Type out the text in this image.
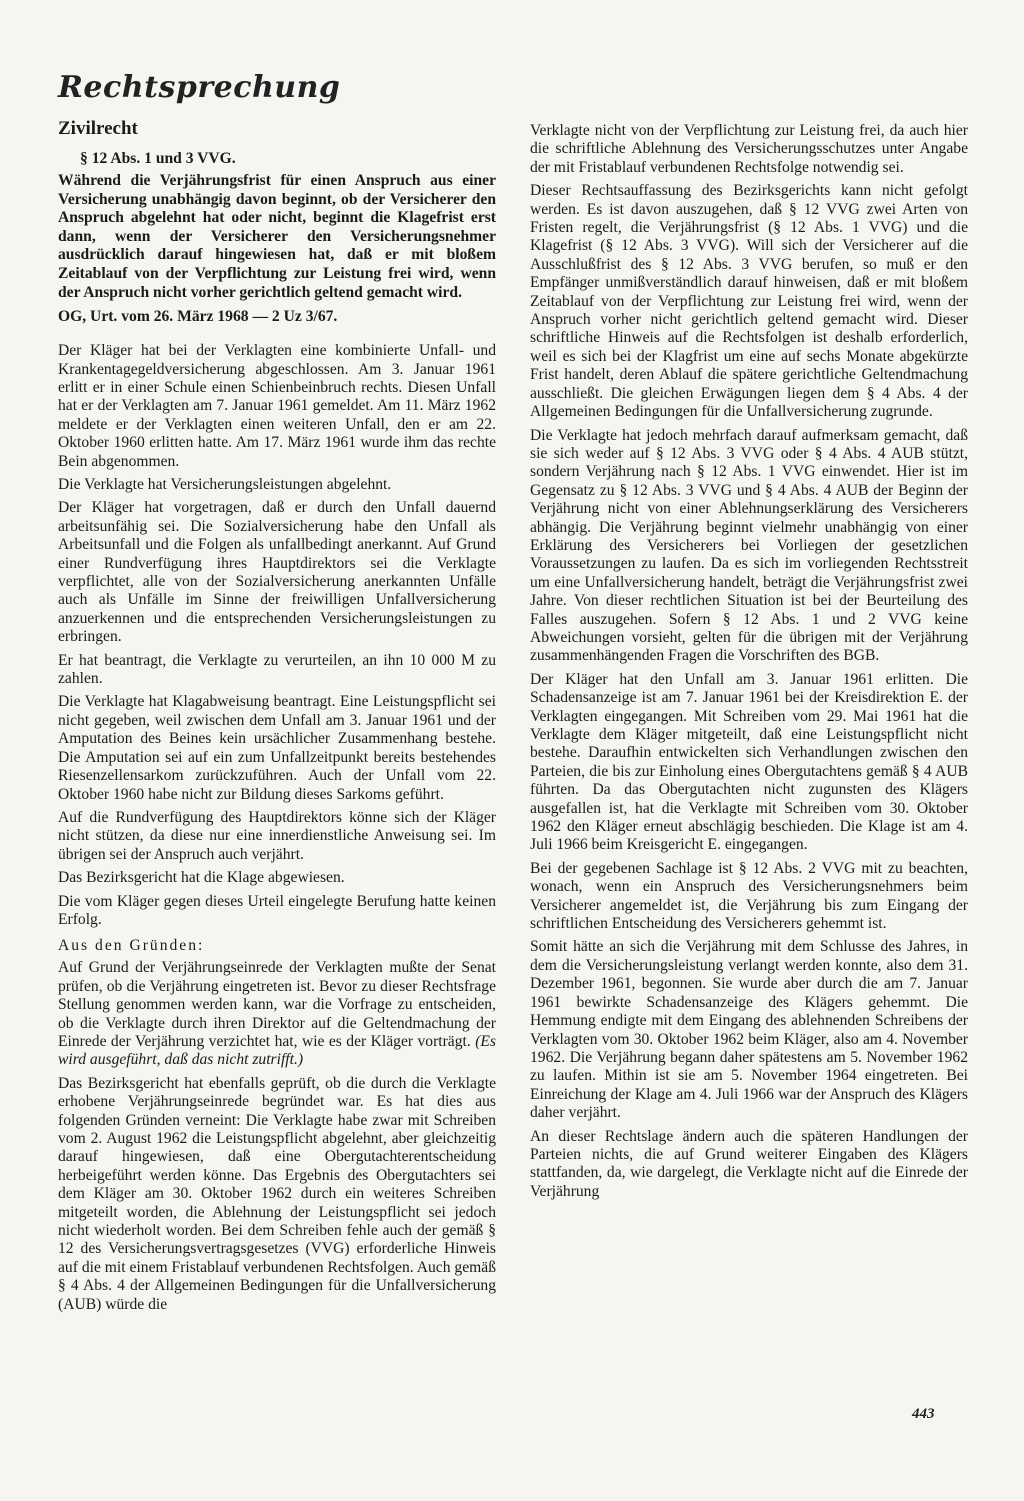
Rechtsprechung
Zivilrecht
§ 12 Abs. 1 und 3 VVG.
Während die Verjährungsfrist für einen Anspruch aus einer Versicherung unabhängig davon beginnt, ob der Versicherer den Anspruch abgelehnt hat oder nicht, beginnt die Klagefrist erst dann, wenn der Versicherer den Versicherungsnehmer ausdrücklich darauf hingewiesen hat, daß er mit bloßem Zeitablauf von der Verpflichtung zur Leistung frei wird, wenn der Anspruch nicht vorher gerichtlich geltend gemacht wird.
OG, Urt. vom 26. März 1968 — 2 Uz 3/67.

Der Kläger hat bei der Verklagten eine kombinierte Unfall- und Krankentagegeldversicherung abgeschlossen. Am 3. Januar 1961 erlitt er in einer Schule einen Schienbeinbruch rechts. Diesen Unfall hat er der Verklagten am 7. Januar 1961 gemeldet. Am 11. März 1962 meldete er der Verklagten einen weiteren Unfall, den er am 22. Oktober 1960 erlitten hatte. Am 17. März 1961 wurde ihm das rechte Bein abgenommen.

Die Verklagte hat Versicherungsleistungen abgelehnt.

Der Kläger hat vorgetragen, daß er durch den Unfall dauernd arbeitsunfähig sei. Die Sozialversicherung habe den Unfall als Arbeitsunfall und die Folgen als unfallbedingt anerkannt. Auf Grund einer Rundverfügung ihres Hauptdirektors sei die Verklagte verpflichtet, alle von der Sozialversicherung anerkannten Unfälle auch als Unfälle im Sinne der freiwilligen Unfallversicherung anzuerkennen und die entsprechenden Versicherungsleistungen zu erbringen.

Er hat beantragt, die Verklagte zu verurteilen, an ihn 10 000 M zu zahlen.

Die Verklagte hat Klagabweisung beantragt. Eine Leistungspflicht sei nicht gegeben, weil zwischen dem Unfall am 3. Januar 1961 und der Amputation des Beines kein ursächlicher Zusammenhang bestehe. Die Amputation sei auf ein zum Unfallzeitpunkt bereits bestehendes Riesenzellensarkom zurückzuführen. Auch der Unfall vom 22. Oktober 1960 habe nicht zur Bildung dieses Sarkoms geführt.

Auf die Rundverfügung des Hauptdirektors könne sich der Kläger nicht stützen, da diese nur eine innerdienstliche Anweisung sei. Im übrigen sei der Anspruch auch verjährt.

Das Bezirksgericht hat die Klage abgewiesen.

Die vom Kläger gegen dieses Urteil eingelegte Berufung hatte keinen Erfolg.

Aus den Gründen:

Auf Grund der Verjährungseinrede der Verklagten mußte der Senat prüfen, ob die Verjährung eingetreten ist. Bevor zu dieser Rechtsfrage Stellung genommen werden kann, war die Vorfrage zu entscheiden, ob die Verklagte durch ihren Direktor auf die Geltendmachung der Einrede der Verjährung verzichtet hat, wie es der Kläger vorträgt. (Es wird ausgeführt, daß das nicht zutrifft.)

Das Bezirksgericht hat ebenfalls geprüft, ob die durch die Verklagte erhobene Verjährungseinrede begründet war. Es hat dies aus folgenden Gründen verneint: Die Verklagte habe zwar mit Schreiben vom 2. August 1962 die Leistungspflicht abgelehnt, aber gleichzeitig darauf hingewiesen, daß eine Obergutachterentscheidung herbeigeführt werden könne. Das Ergebnis des Obergutachters sei dem Kläger am 30. Oktober 1962 durch ein weiteres Schreiben mitgeteilt worden, die Ablehnung der Leistungspflicht sei jedoch nicht wiederholt worden. Bei dem Schreiben fehle auch der gemäß § 12 des Versicherungsvertragsgesetzes (VVG) erforderliche Hinweis auf die mit einem Fristablauf verbundenen Rechtsfolgen. Auch gemäß § 4 Abs. 4 der Allgemeinen Bedingungen für die Unfallversicherung (AUB) würde die

Verklagte nicht von der Verpflichtung zur Leistung frei, da auch hier die schriftliche Ablehnung des Versicherungsschutzes unter Angabe der mit Fristablauf verbundenen Rechtsfolge notwendig sei.

Dieser Rechtsauffassung des Bezirksgerichts kann nicht gefolgt werden. Es ist davon auszugehen, daß § 12 VVG zwei Arten von Fristen regelt, die Verjährungsfrist (§ 12 Abs. 1 VVG) und die Klagefrist (§ 12 Abs. 3 VVG). Will sich der Versicherer auf die Ausschlußfrist des § 12 Abs. 3 VVG berufen, so muß er den Empfänger unmißverständlich darauf hinweisen, daß er mit bloßem Zeitablauf von der Verpflichtung zur Leistung frei wird, wenn der Anspruch vorher nicht gerichtlich geltend gemacht wird. Dieser schriftliche Hinweis auf die Rechtsfolgen ist deshalb erforderlich, weil es sich bei der Klagfrist um eine auf sechs Monate abgekürzte Frist handelt, deren Ablauf die spätere gerichtliche Geltendmachung ausschließt. Die gleichen Erwägungen liegen dem § 4 Abs. 4 der Allgemeinen Bedingungen für die Unfallversicherung zugrunde.

Die Verklagte hat jedoch mehrfach darauf aufmerksam gemacht, daß sie sich weder auf § 12 Abs. 3 VVG oder § 4 Abs. 4 AUB stützt, sondern Verjährung nach § 12 Abs. 1 VVG einwendet. Hier ist im Gegensatz zu § 12 Abs. 3 VVG und § 4 Abs. 4 AUB der Beginn der Verjährung nicht von einer Ablehnungserklärung des Versicherers abhängig. Die Verjährung beginnt vielmehr unabhängig von einer Erklärung des Versicherers bei Vorliegen der gesetzlichen Voraussetzungen zu laufen. Da es sich im vorliegenden Rechtsstreit um eine Unfallversicherung handelt, beträgt die Verjährungsfrist zwei Jahre. Von dieser rechtlichen Situation ist bei der Beurteilung des Falles auszugehen. Sofern § 12 Abs. 1 und 2 VVG keine Abweichungen vorsieht, gelten für die übrigen mit der Verjährung zusammenhängenden Fragen die Vorschriften des BGB.

Der Kläger hat den Unfall am 3. Januar 1961 erlitten. Die Schadensanzeige ist am 7. Januar 1961 bei der Kreisdirektion E. der Verklagten eingegangen. Mit Schreiben vom 29. Mai 1961 hat die Verklagte dem Kläger mitgeteilt, daß eine Leistungspflicht nicht bestehe. Daraufhin entwickelten sich Verhandlungen zwischen den Parteien, die bis zur Einholung eines Obergutachtens gemäß § 4 AUB führten. Da das Obergutachten nicht zugunsten des Klägers ausgefallen ist, hat die Verklagte mit Schreiben vom 30. Oktober 1962 den Kläger erneut abschlägig beschieden. Die Klage ist am 4. Juli 1966 beim Kreisgericht E. eingegangen.

Bei der gegebenen Sachlage ist § 12 Abs. 2 VVG mit zu beachten, wonach, wenn ein Anspruch des Versicherungsnehmers beim Versicherer angemeldet ist, die Verjährung bis zum Eingang der schriftlichen Entscheidung des Versicherers gehemmt ist.

Somit hätte an sich die Verjährung mit dem Schlusse des Jahres, in dem die Versicherungsleistung verlangt werden konnte, also dem 31. Dezember 1961, begonnen. Sie wurde aber durch die am 7. Januar 1961 bewirkte Schadensanzeige des Klägers gehemmt. Die Hemmung endigte mit dem Eingang des ablehnenden Schreibens der Verklagten vom 30. Oktober 1962 beim Kläger, also am 4. November 1962. Die Verjährung begann daher spätestens am 5. November 1962 zu laufen. Mithin ist sie am 5. November 1964 eingetreten. Bei Einreichung der Klage am 4. Juli 1966 war der Anspruch des Klägers daher verjährt.

An dieser Rechtslage ändern auch die späteren Handlungen der Parteien nichts, die auf Grund weiterer Eingaben des Klägers stattfanden, da, wie dargelegt, die Verklagte nicht auf die Einrede der Verjährung

443
